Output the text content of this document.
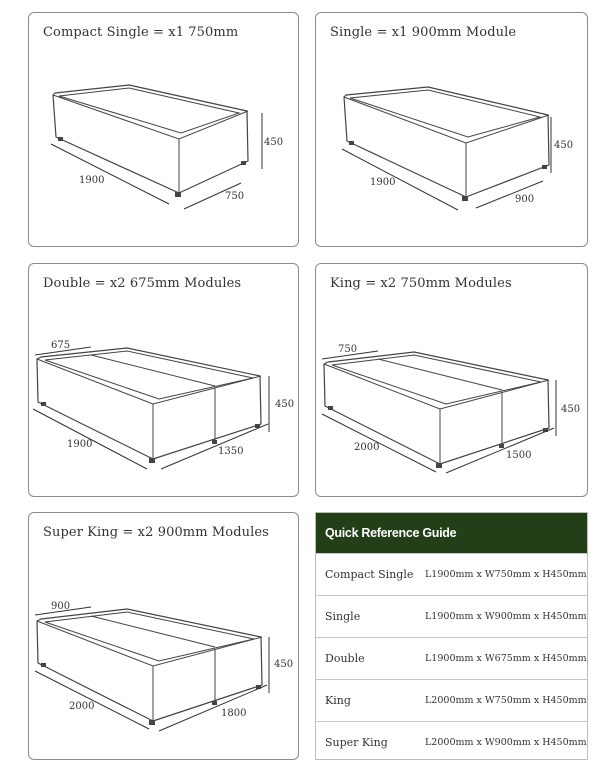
1900
750
450
Compact Single = x1 750mm
1900
900
450
Single = x1 900mm Module
675
1900
1350
450
Double = x2 675mm Modules
750
2000
1500
450
King = x2 750mm Modules
900
2000
1800
450
Super King = x2 900mm Modules	Quick Reference Guide
Compact Single	L1900mm x W750mm x H450mm
Single	L1900mm x W900mm x H450mm
Double	L1900mm x W675mm x H450mm
King	L2000mm x W750mm x H450mm
Super King	L2000mm x W900mm x H450mm
